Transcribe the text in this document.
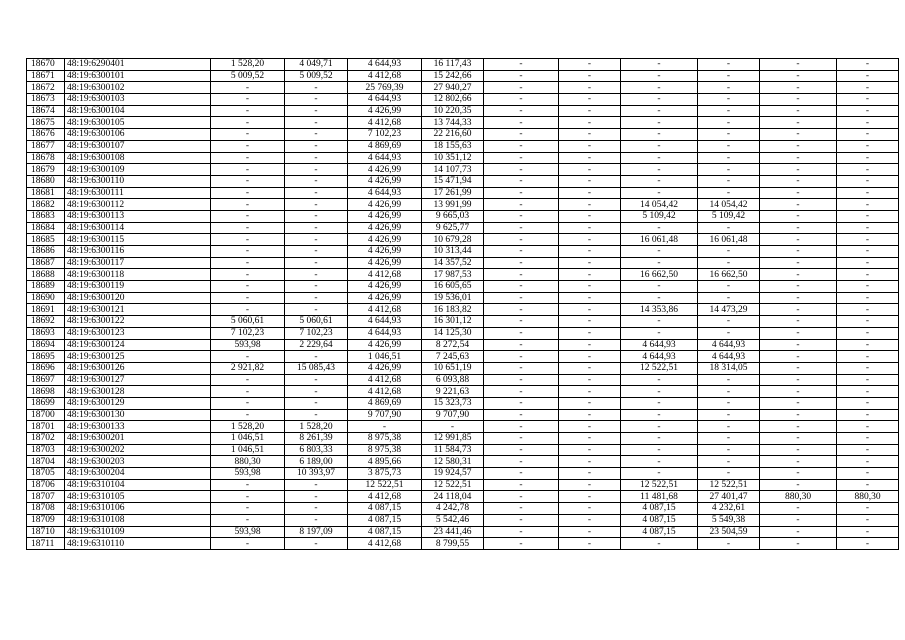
18670	48:19:6290401	1 528,20	4 049,71	4 644,93	16 117,43	-	-	-	-	-	-
18671	48:19:6300101	5 009,52	5 009,52	4 412,68	15 242,66	-	-	-	-	-	-
18672	48:19:6300102	-	-	25 769,39	27 940,27	-	-	-	-	-	-
18673	48:19:6300103	-	-	4 644,93	12 802,66	-	-	-	-	-	-
18674	48:19:6300104	-	-	4 426,99	10 220,35	-	-	-	-	-	-
18675	48:19:6300105	-	-	4 412,68	13 744,33	-	-	-	-	-	-
18676	48:19:6300106	-	-	7 102,23	22 216,60	-	-	-	-	-	-
18677	48:19:6300107	-	-	4 869,69	18 155,63	-	-	-	-	-	-
18678	48:19:6300108	-	-	4 644,93	10 351,12	-	-	-	-	-	-
18679	48:19:6300109	-	-	4 426,99	14 107,73	-	-	-	-	-	-
18680	48:19:6300110	-	-	4 426,99	15 471,94	-	-	-	-	-	-
18681	48:19:6300111	-	-	4 644,93	17 261,99	-	-	-	-	-	-
18682	48:19:6300112	-	-	4 426,99	13 991,99	-	-	14 054,42	14 054,42	-	-
18683	48:19:6300113	-	-	4 426,99	9 665,03	-	-	5 109,42	5 109,42	-	-
18684	48:19:6300114	-	-	4 426,99	9 625,77	-	-	-	-	-	-
18685	48:19:6300115	-	-	4 426,99	10 679,28	-	-	16 061,48	16 061,48	-	-
18686	48:19:6300116	-	-	4 426,99	10 313,44	-	-	-	-	-	-
18687	48:19:6300117	-	-	4 426,99	14 357,52	-	-	-	-	-	-
18688	48:19:6300118	-	-	4 412,68	17 987,53	-	-	16 662,50	16 662,50	-	-
18689	48:19:6300119	-	-	4 426,99	16 605,65	-	-	-	-	-	-
18690	48:19:6300120	-	-	4 426,99	19 536,01	-	-	-	-	-	-
18691	48:19:6300121	-	-	4 412,68	16 183,82	-	-	14 353,86	14 473,29	-	-
18692	48:19:6300122	5 060,61	5 060,61	4 644,93	16 301,12	-	-	-	-	-	-
18693	48:19:6300123	7 102,23	7 102,23	4 644,93	14 125,30	-	-	-	-	-	-
18694	48:19:6300124	593,98	2 229,64	4 426,99	8 272,54	-	-	4 644,93	4 644,93	-	-
18695	48:19:6300125	-	-	1 046,51	7 245,63	-	-	4 644,93	4 644,93	-	-
18696	48:19:6300126	2 921,82	15 085,43	4 426,99	10 651,19	-	-	12 522,51	18 314,05	-	-
18697	48:19:6300127	-	-	4 412,68	6 093,88	-	-	-	-	-	-
18698	48:19:6300128	-	-	4 412,68	9 221,63	-	-	-	-	-	-
18699	48:19:6300129	-	-	4 869,69	15 323,73	-	-	-	-	-	-
18700	48:19:6300130	-	-	9 707,90	9 707,90	-	-	-	-	-	-
18701	48:19:6300133	1 528,20	1 528,20	-	-	-	-	-	-	-	-
18702	48:19:6300201	1 046,51	8 261,39	8 975,38	12 991,85	-	-	-	-	-	-
18703	48:19:6300202	1 046,51	6 803,33	8 975,38	11 584,73	-	-	-	-	-	-
18704	48:19:6300203	880,30	6 189,00	4 895,66	12 580,31	-	-	-	-	-	-
18705	48:19:6300204	593,98	10 393,97	3 875,73	19 924,57	-	-	-	-	-	-
18706	48:19:6310104	-	-	12 522,51	12 522,51	-	-	12 522,51	12 522,51	-	-
18707	48:19:6310105	-	-	4 412,68	24 118,04	-	-	11 481,68	27 401,47	880,30	880,30
18708	48:19:6310106	-	-	4 087,15	4 242,78	-	-	4 087,15	4 232,61	-	-
18709	48:19:6310108	-	-	4 087,15	5 542,46	-	-	4 087,15	5 549,38	-	-
18710	48:19:6310109	593,98	8 197,09	4 087,15	23 441,46	-	-	4 087,15	23 504,59	-	-
18711	48:19:6310110	-	-	4 412,68	8 799,55	-	-	-	-	-	-
